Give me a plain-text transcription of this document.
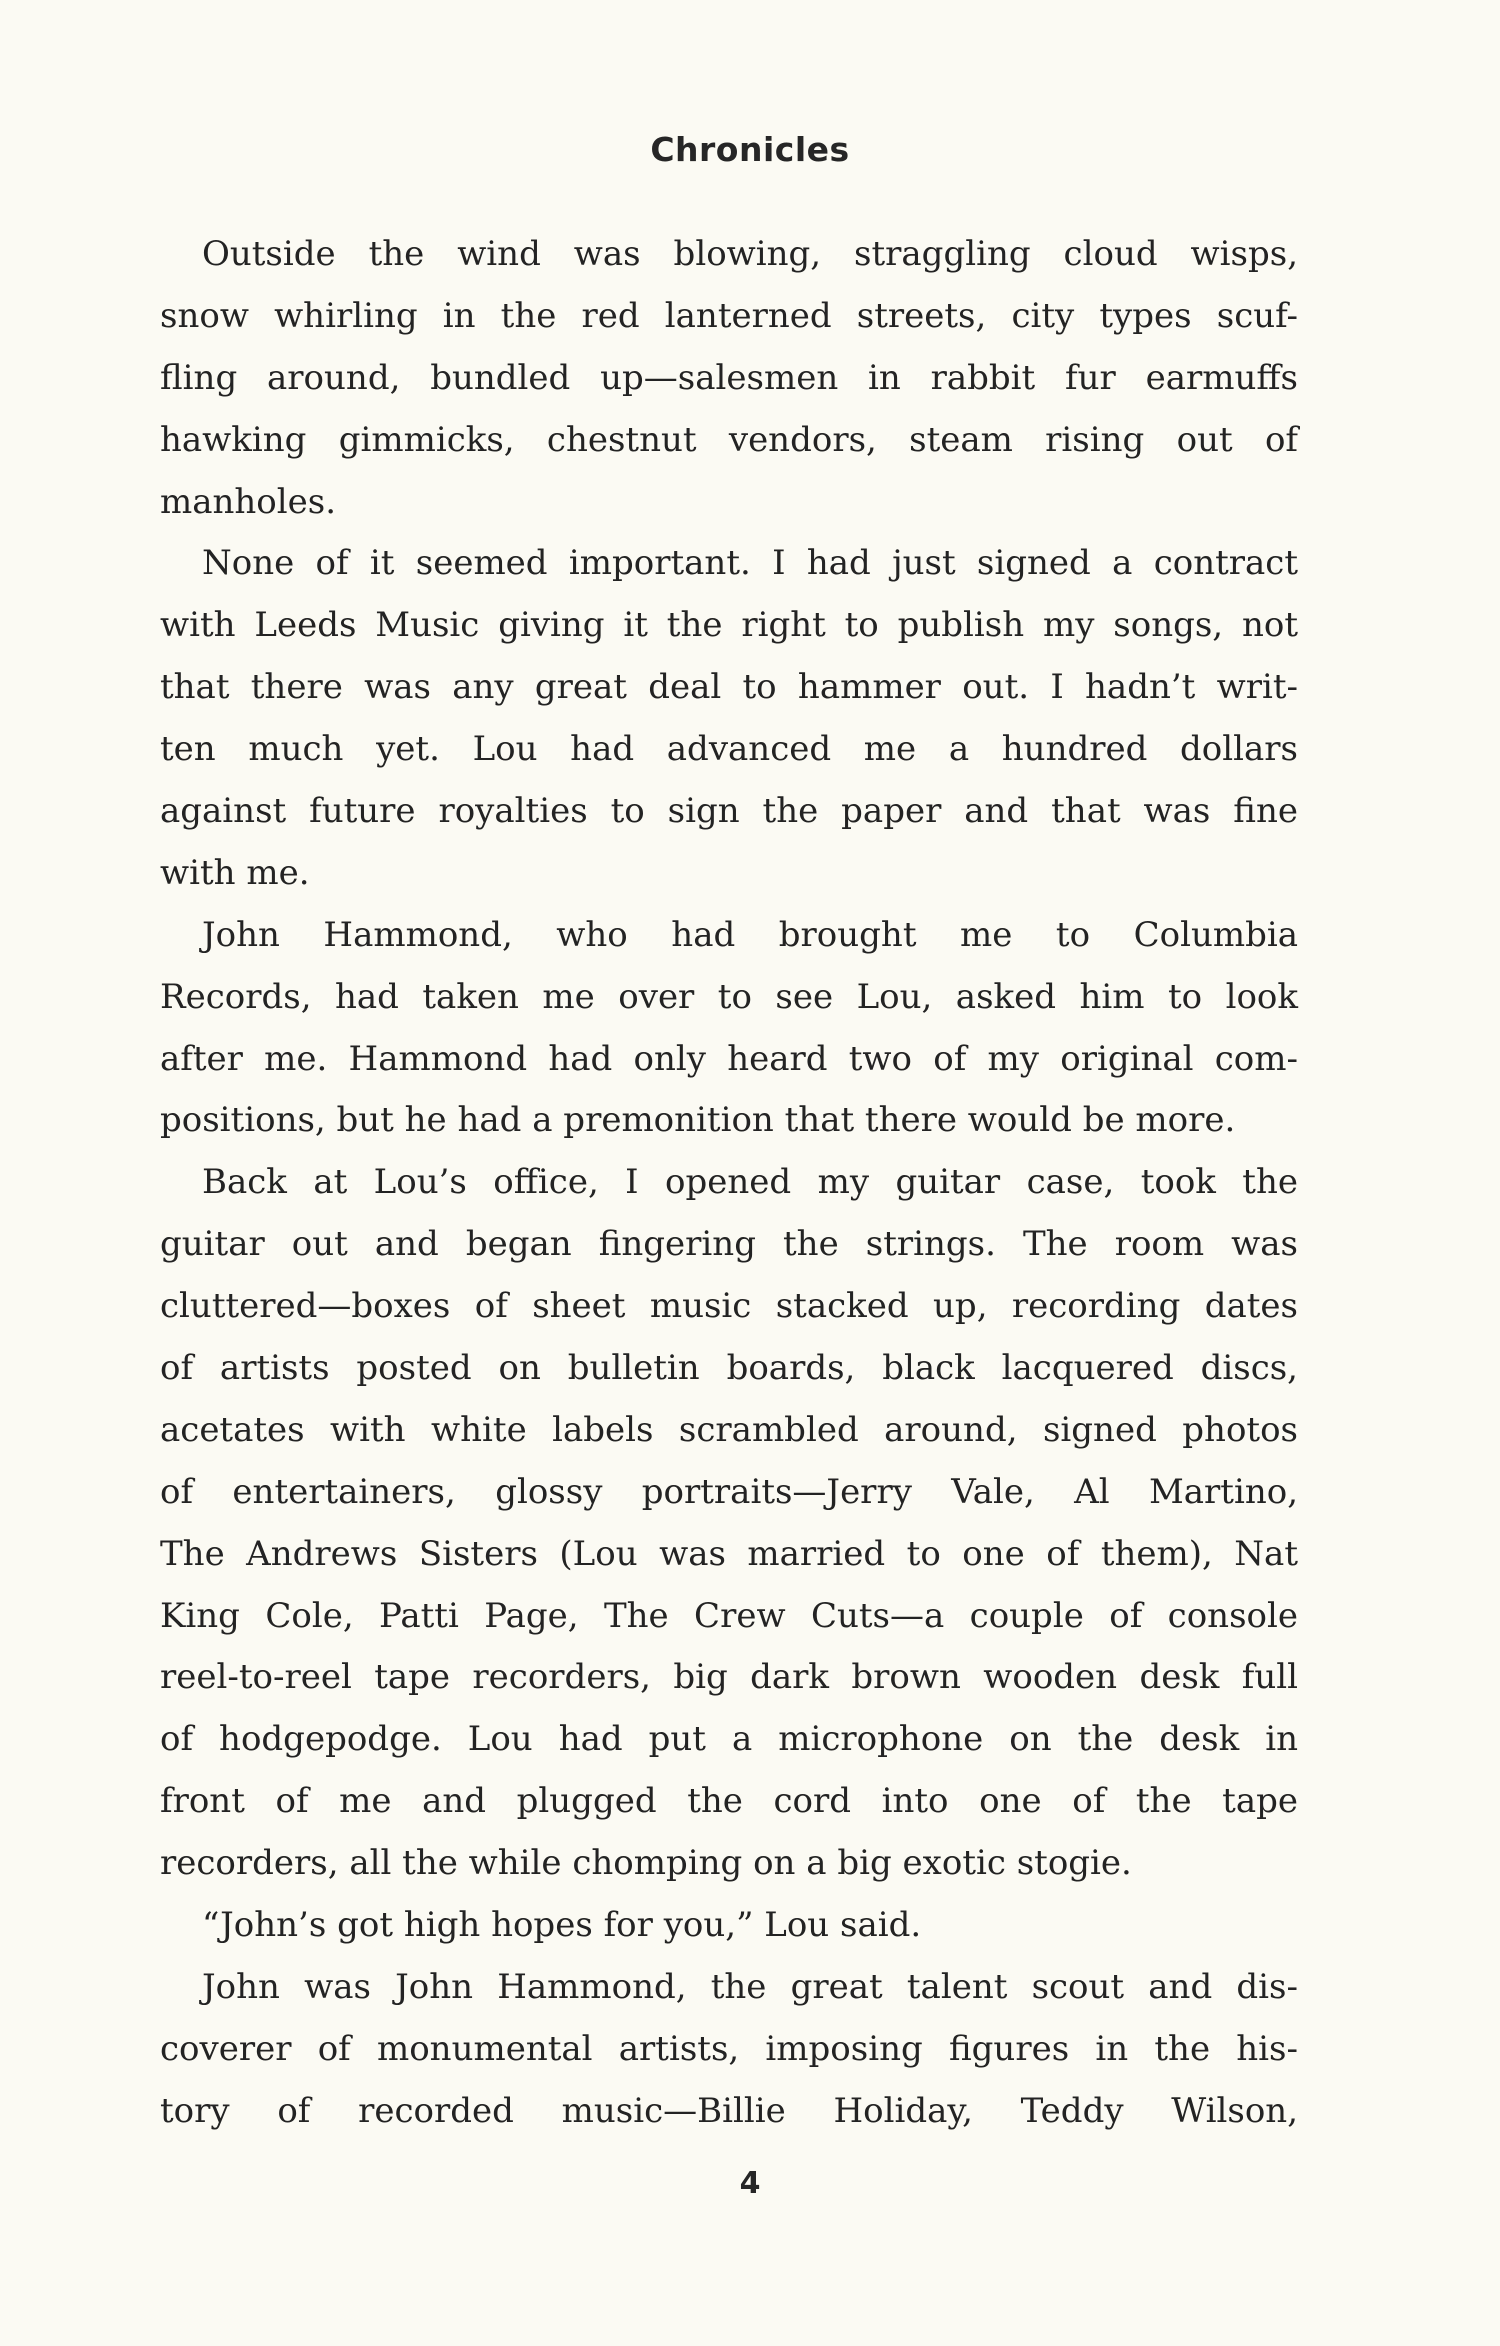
Chronicles
Outside the wind was blowing, straggling cloud wisps,
snow whirling in the red lanterned streets, city types scuf-
fling around, bundled up—salesmen in rabbit fur earmuffs
hawking gimmicks, chestnut vendors, steam rising out of
manholes.
None of it seemed important. I had just signed a contract
with Leeds Music giving it the right to publish my songs, not
that there was any great deal to hammer out. I hadn’t writ-
ten much yet. Lou had advanced me a hundred dollars
against future royalties to sign the paper and that was fine
with me.
John Hammond, who had brought me to Columbia
Records, had taken me over to see Lou, asked him to look
after me. Hammond had only heard two of my original com-
positions, but he had a premonition that there would be more.
Back at Lou’s office, I opened my guitar case, took the
guitar out and began fingering the strings. The room was
cluttered—boxes of sheet music stacked up, recording dates
of artists posted on bulletin boards, black lacquered discs,
acetates with white labels scrambled around, signed photos
of entertainers, glossy portraits—Jerry Vale, Al Martino,
The Andrews Sisters (Lou was married to one of them), Nat
King Cole, Patti Page, The Crew Cuts—a couple of console
reel-to-reel tape recorders, big dark brown wooden desk full
of hodgepodge. Lou had put a microphone on the desk in
front of me and plugged the cord into one of the tape
recorders, all the while chomping on a big exotic stogie.
“John’s got high hopes for you,” Lou said.
John was John Hammond, the great talent scout and dis-
coverer of monumental artists, imposing figures in the his-
tory of recorded music—Billie Holiday, Teddy Wilson,
4
